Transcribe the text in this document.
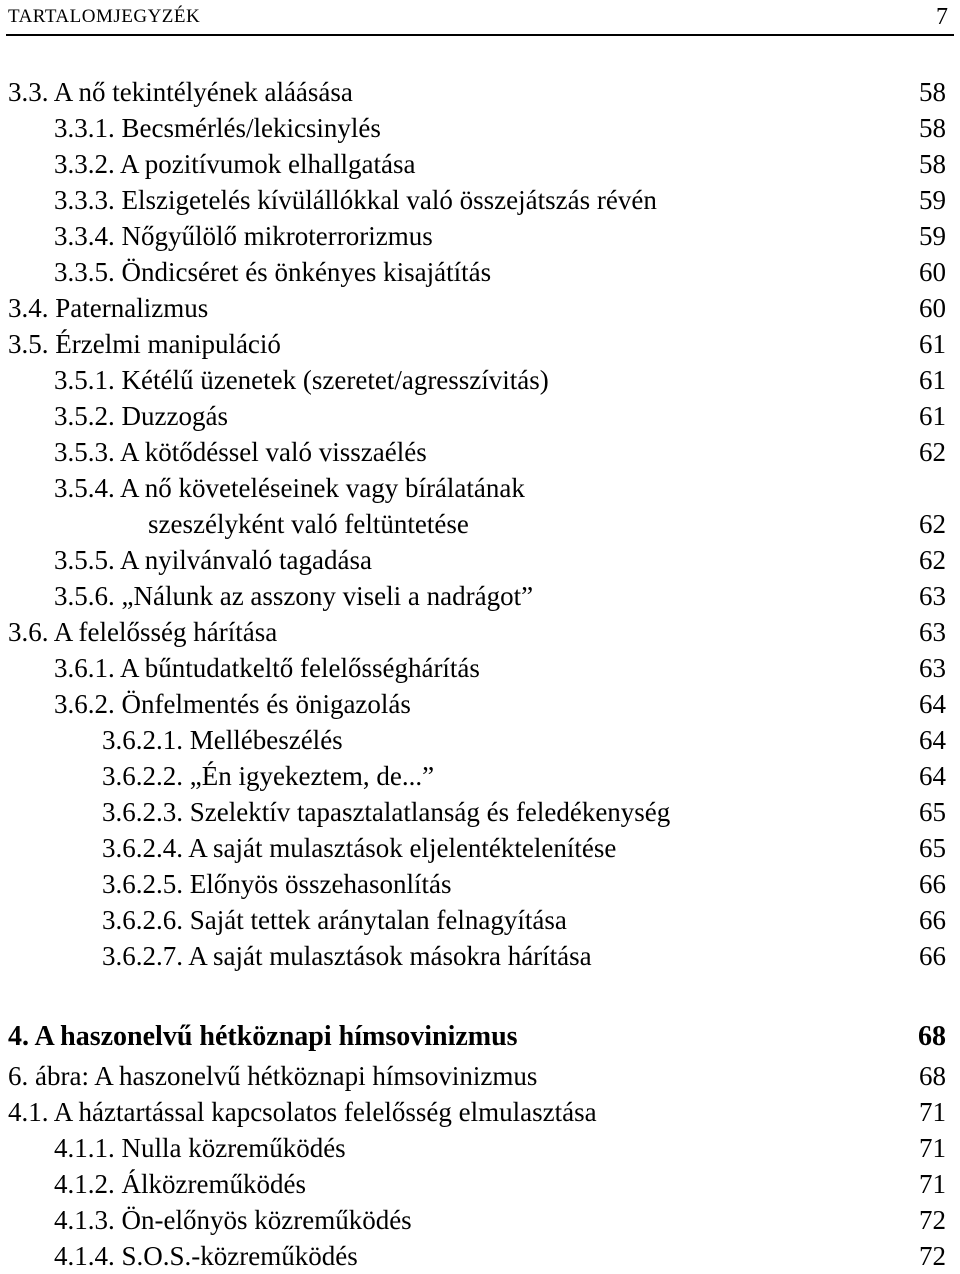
TARTALOMJEGYZÉK	7
3.3. A nő tekintélyének aláásása	58
3.3.1. Becsmérlés/lekicsinylés	58
3.3.2. A pozitívumok elhallgatása	58
3.3.3. Elszigetelés kívülállókkal való összejátszás révén	59
3.3.4. Nőgyűlölő mikroterrorizmus	59
3.3.5. Öndicséret és önkényes kisajátítás	60
3.4. Paternalizmus	60
3.5. Érzelmi manipuláció	61
3.5.1. Kétélű üzenetek (szeretet/agresszívitás)	61
3.5.2. Duzzogás	61
3.5.3. A kötődéssel való visszaélés	62
3.5.4. A nő követeléseinek vagy bírálatának
szeszélyként való feltüntetése	62
3.5.5. A nyilvánvaló tagadása	62
3.5.6. „Nálunk az asszony viseli a nadrágot”	63
3.6. A felelősség hárítása	63
3.6.1. A bűntudatkeltő felelősséghárítás	63
3.6.2. Önfelmentés és önigazolás	64
3.6.2.1. Mellébeszélés	64
3.6.2.2. „Én igyekeztem, de...”	64
3.6.2.3. Szelektív tapasztalatlanság és feledékenység	65
3.6.2.4. A saját mulasztások eljelentéktelenítése	65
3.6.2.5. Előnyös összehasonlítás	66
3.6.2.6. Saját tettek aránytalan felnagyítása	66
3.6.2.7. A saját mulasztások másokra hárítása	66
4. A haszonelvű hétköznapi hímsovinizmus	68
6. ábra: A haszonelvű hétköznapi hímsovinizmus	68
4.1. A háztartással kapcsolatos felelősség elmulasztása	71
4.1.1. Nulla közreműködés	71
4.1.2. Álközreműködés	71
4.1.3. Ön-előnyös közreműködés	72
4.1.4. S.O.S.-közreműködés	72
